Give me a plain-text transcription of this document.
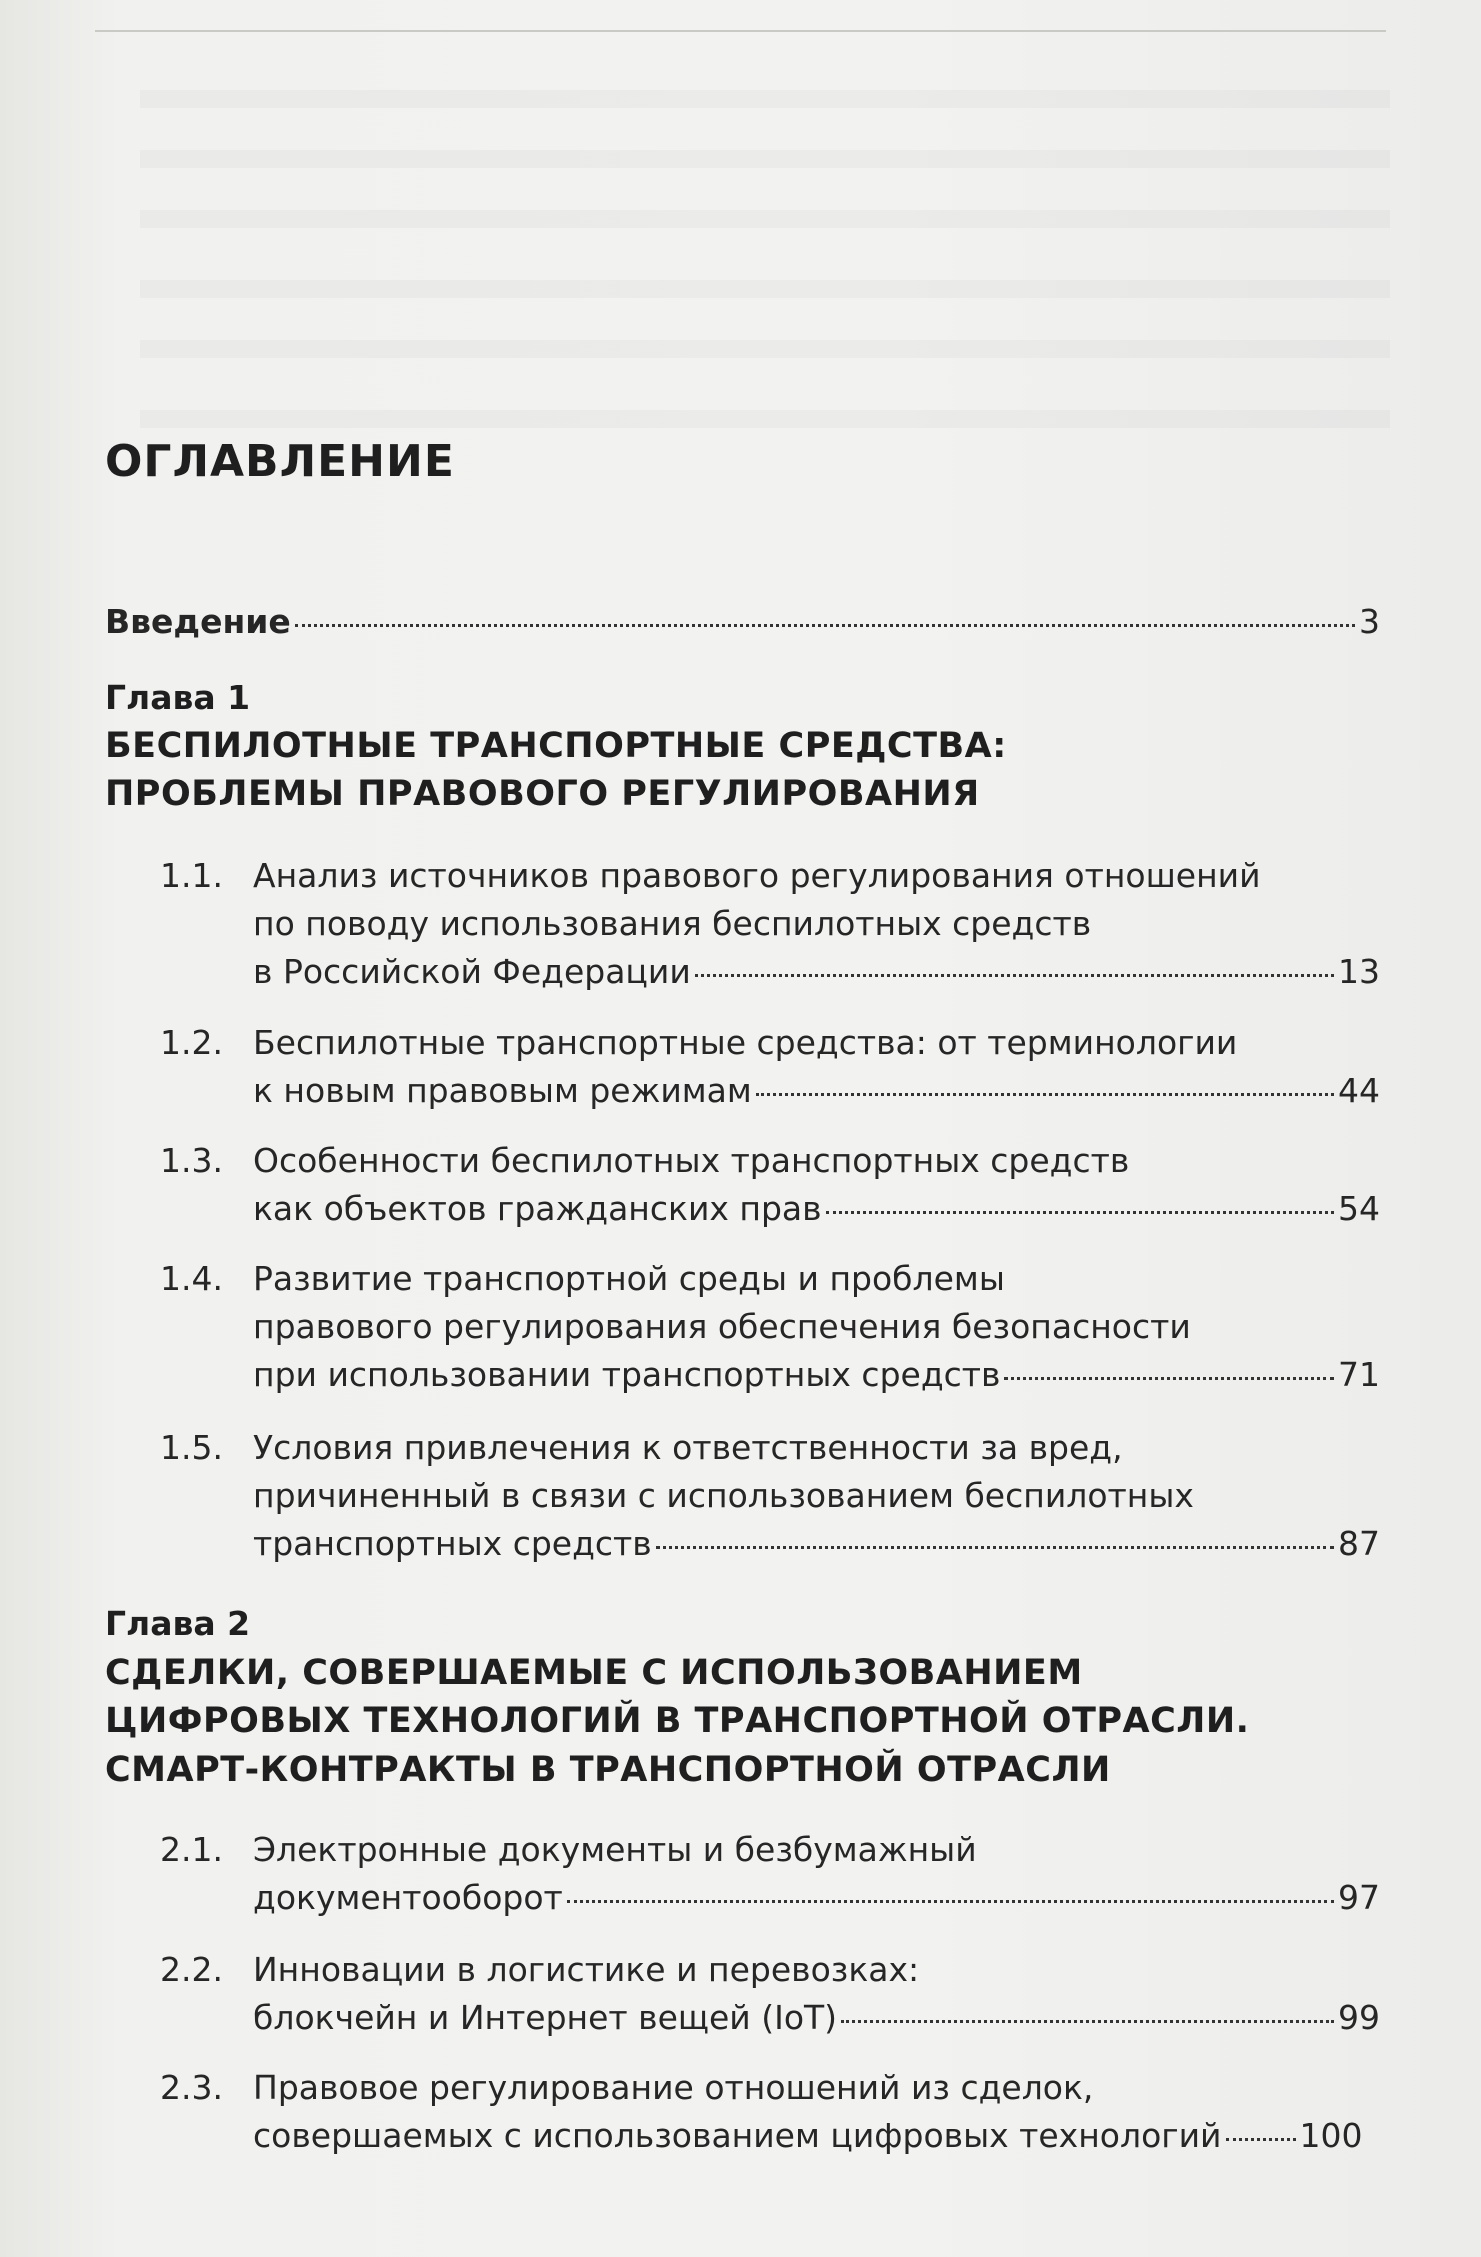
ОГЛАВЛЕНИЕ
Введение	3
Глава 1
БЕСПИЛОТНЫЕ ТРАНСПОРТНЫЕ СРЕДСТВА:
ПРОБЛЕМЫ ПРАВОВОГО РЕГУЛИРОВАНИЯ
1.1. Анализ источников правового регулирования отношений
по поводу использования беспилотных средств
в Российской Федерации	13
1.2. Беспилотные транспортные средства: от терминологии
к новым правовым режимам	44
1.3. Особенности беспилотных транспортных средств
как объектов гражданских прав	54
1.4. Развитие транспортной среды и проблемы
правового регулирования обеспечения безопасности
при использовании транспортных средств	71
1.5. Условия привлечения к ответственности за вред,
причиненный в связи с использованием беспилотных
транспортных средств	87
Глава 2
СДЕЛКИ, СОВЕРШАЕМЫЕ С ИСПОЛЬЗОВАНИЕМ
ЦИФРОВЫХ ТЕХНОЛОГИЙ В ТРАНСПОРТНОЙ ОТРАСЛИ.
СМАРТ-КОНТРАКТЫ В ТРАНСПОРТНОЙ ОТРАСЛИ
2.1. Электронные документы и безбумажный
документооборот	97
2.2. Инновации в логистике и перевозках:
блокчейн и Интернет вещей (IoT)	99
2.3. Правовое регулирование отношений из сделок,
совершаемых с использованием цифровых технологий 100
